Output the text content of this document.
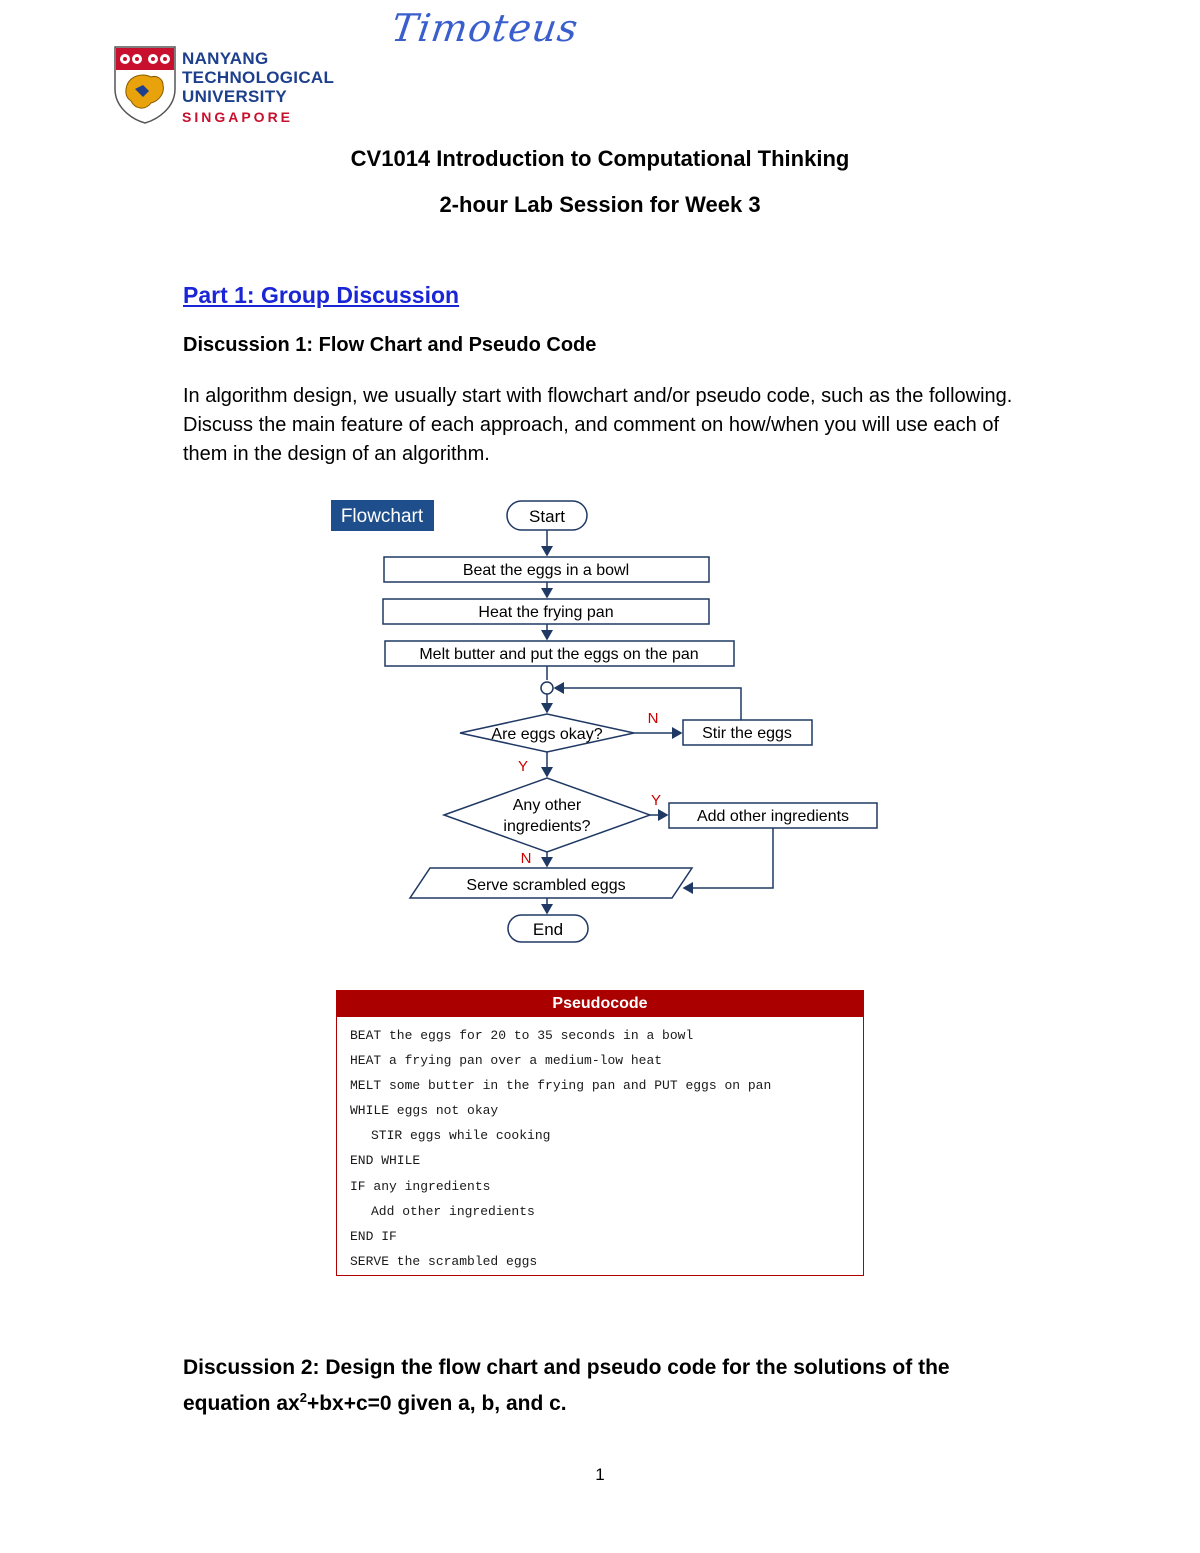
NANYANG
TECHNOLOGICAL
UNIVERSITY
SINGAPORE
Timoteus
CV1014 Introduction to Computational Thinking
2-hour Lab Session for Week 3
Part 1: Group Discussion
Discussion 1: Flow Chart and Pseudo Code
In algorithm design, we usually start with flowchart and/or pseudo code, such as the following. Discuss the main feature of each approach, and comment on how/when you will use each of them in the design of an algorithm.
Flowchart	Start
Beat the eggs in a bowl
Heat the frying pan
Melt butter and put the eggs on the pan
Are eggs okay?
N
Stir the eggs
Y
Any other
ingredients?
Y
Add other ingredients
N
Serve scrambled eggs
End
Pseudocode
BEAT the eggs for 20 to 35 seconds in a bowl
HEAT a frying pan over a medium-low heat
MELT some butter in the frying pan and PUT eggs on pan
WHILE eggs not okay
STIR eggs while cooking
END WHILE
IF any ingredients
Add other ingredients
END IF
SERVE the scrambled eggs
Discussion 2: Design the flow chart and pseudo code for the solutions of the equation $ax^2+bx+c=0$ given a, b, and c.
1
